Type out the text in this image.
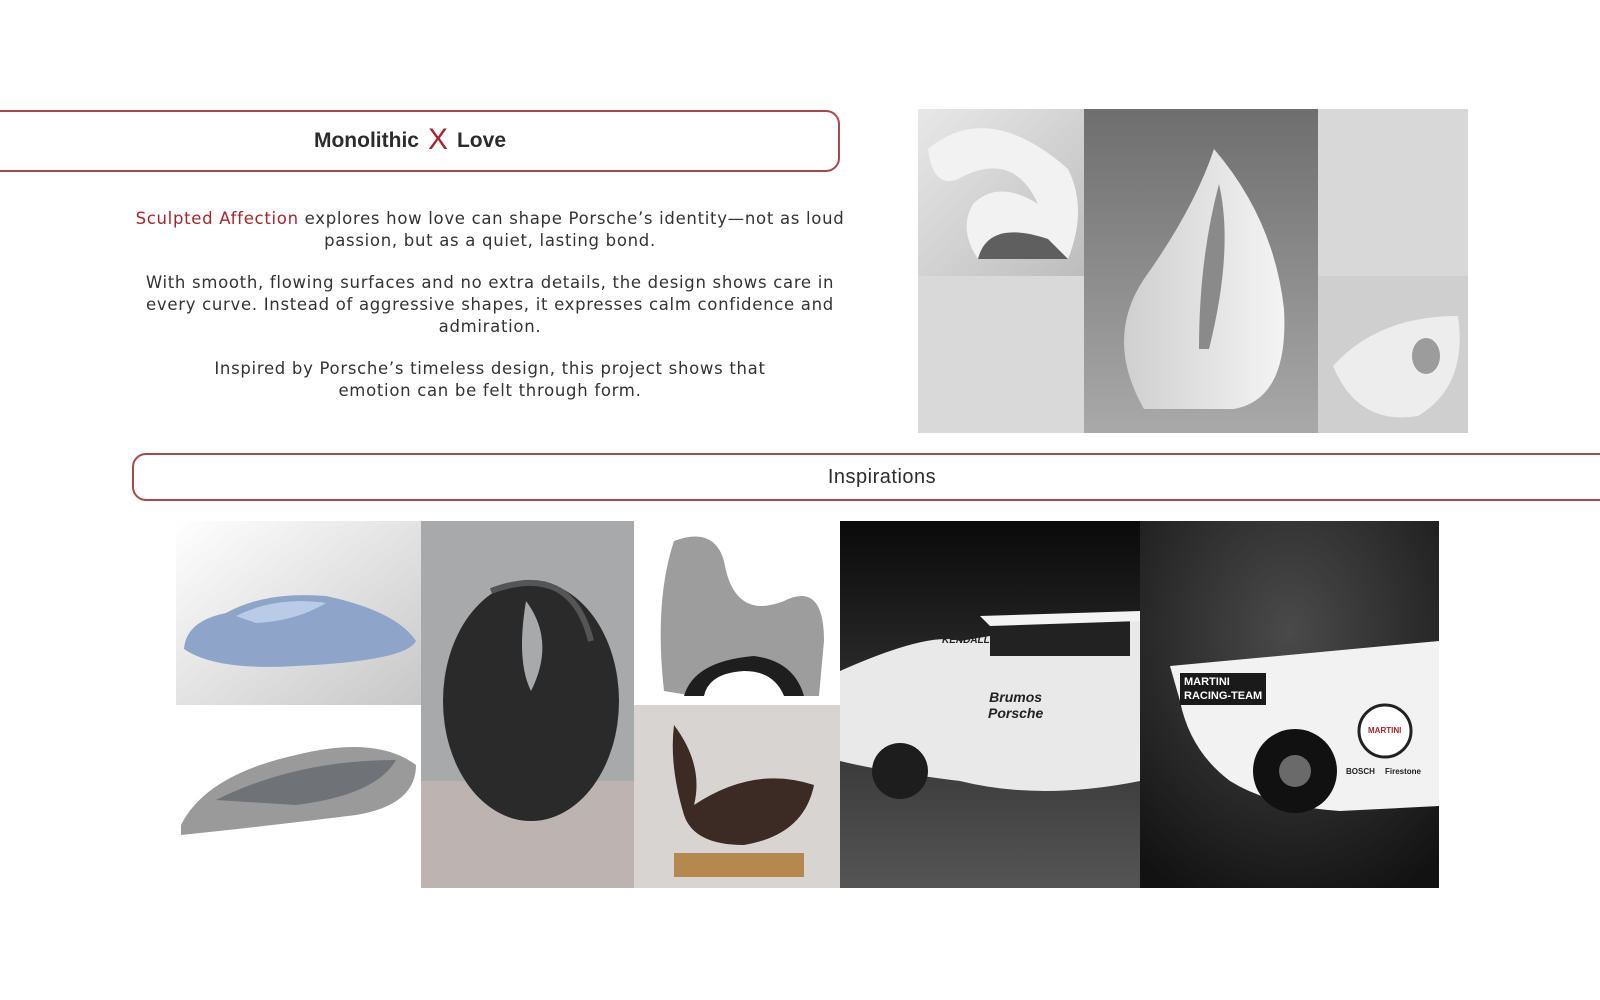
Monolithic X Love
Sculpted Affection explores how love can shape Porsche’s identity—not as loud passion, but as a quiet, lasting bond.
With smooth, flowing surfaces and no extra details, the design shows care in every curve. Instead of aggressive shapes, it expresses calm confidence and admiration.
Inspired by Porsche’s timeless design, this project shows that emotion can be felt through form.
Inspirations
KENDALL
Brumos
Porsche
MARTINI
RACING-TEAM
MARTINI
BOSCH Firestone
